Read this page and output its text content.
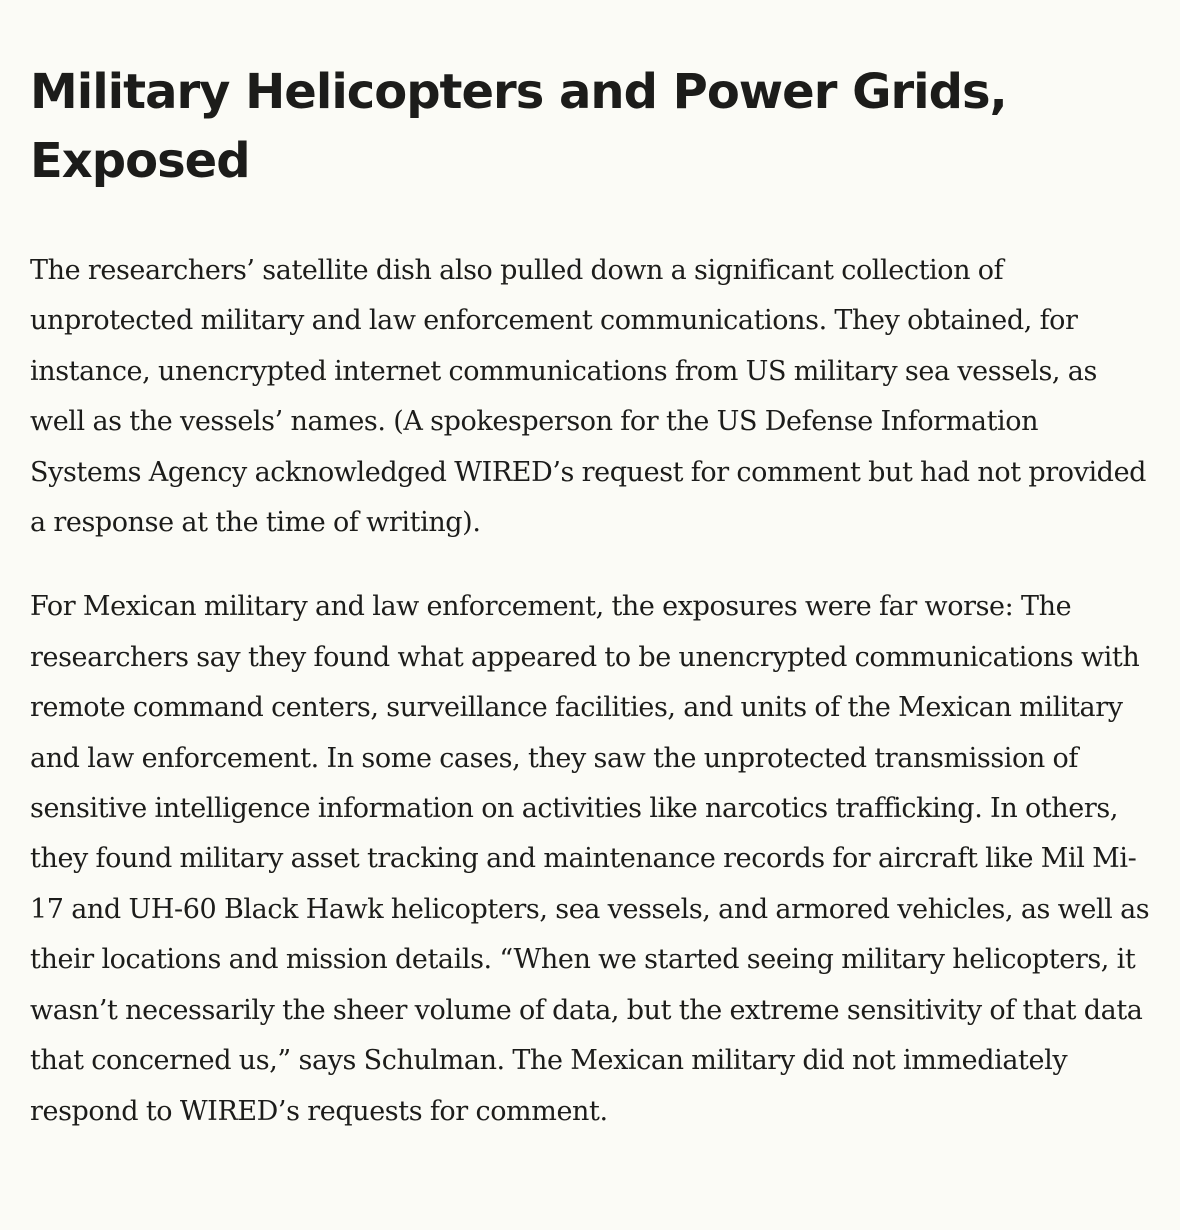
Military Helicopters and Power Grids, Exposed

The researchers’ satellite dish also pulled down a significant collection of unprotected military and law enforcement communications. They obtained, for instance, unencrypted internet communications from US military sea vessels, as well as the vessels’ names. (A spokesperson for the US Defense Information Systems Agency acknowledged WIRED’s request for comment but had not provided a response at the time of writing).

For Mexican military and law enforcement, the exposures were far worse: The researchers say they found what appeared to be unencrypted communications with remote command centers, surveillance facilities, and units of the Mexican military and law enforcement. In some cases, they saw the unprotected transmission of sensitive intelligence information on activities like narcotics trafficking. In others, they found military asset tracking and maintenance records for aircraft like Mil Mi-17 and UH-60 Black Hawk helicopters, sea vessels, and armored vehicles, as well as their locations and mission details. “When we started seeing military helicopters, it wasn’t necessarily the sheer volume of data, but the extreme sensitivity of that data that concerned us,” says Schulman. The Mexican military did not immediately respond to WIRED’s requests for comment.
